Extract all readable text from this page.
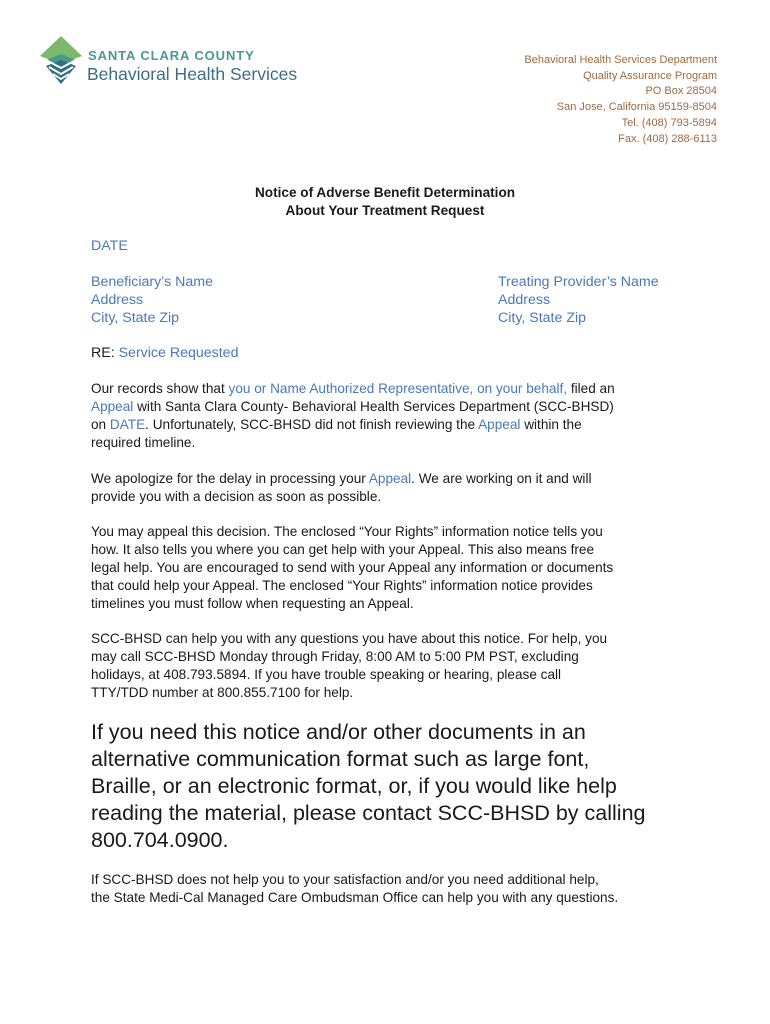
SANTA CLARA COUNTY
Behavioral Health Services
Behavioral Health Services Department
Quality Assurance Program
PO Box 28504
San Jose, California 95159-8504
Tel. (408) 793-5894
Fax. (408) 288-6113
Notice of Adverse Benefit Determination
About Your Treatment Request
DATE
Beneficiary’s Name
Address
City, State Zip
Treating Provider’s Name
Address
City, State Zip
RE: Service Requested
Our records show that you or Name Authorized Representative, on your behalf, filed an
Appeal with Santa Clara County- Behavioral Health Services Department (SCC-BHSD)
on DATE. Unfortunately, SCC-BHSD did not finish reviewing the Appeal within the
required timeline.
We apologize for the delay in processing your Appeal. We are working on it and will
provide you with a decision as soon as possible.
You may appeal this decision. The enclosed “Your Rights” information notice tells you
how. It also tells you where you can get help with your Appeal. This also means free
legal help. You are encouraged to send with your Appeal any information or documents
that could help your Appeal. The enclosed “Your Rights” information notice provides
timelines you must follow when requesting an Appeal.
SCC-BHSD can help you with any questions you have about this notice. For help, you
may call SCC-BHSD Monday through Friday, 8:00 AM to 5:00 PM PST, excluding
holidays, at 408.793.5894. If you have trouble speaking or hearing, please call
TTY/TDD number at 800.855.7100 for help.
If you need this notice and/or other documents in an
alternative communication format such as large font,
Braille, or an electronic format, or, if you would like help
reading the material, please contact SCC-BHSD by calling
800.704.0900.
If SCC-BHSD does not help you to your satisfaction and/or you need additional help,
the State Medi-Cal Managed Care Ombudsman Office can help you with any questions.
